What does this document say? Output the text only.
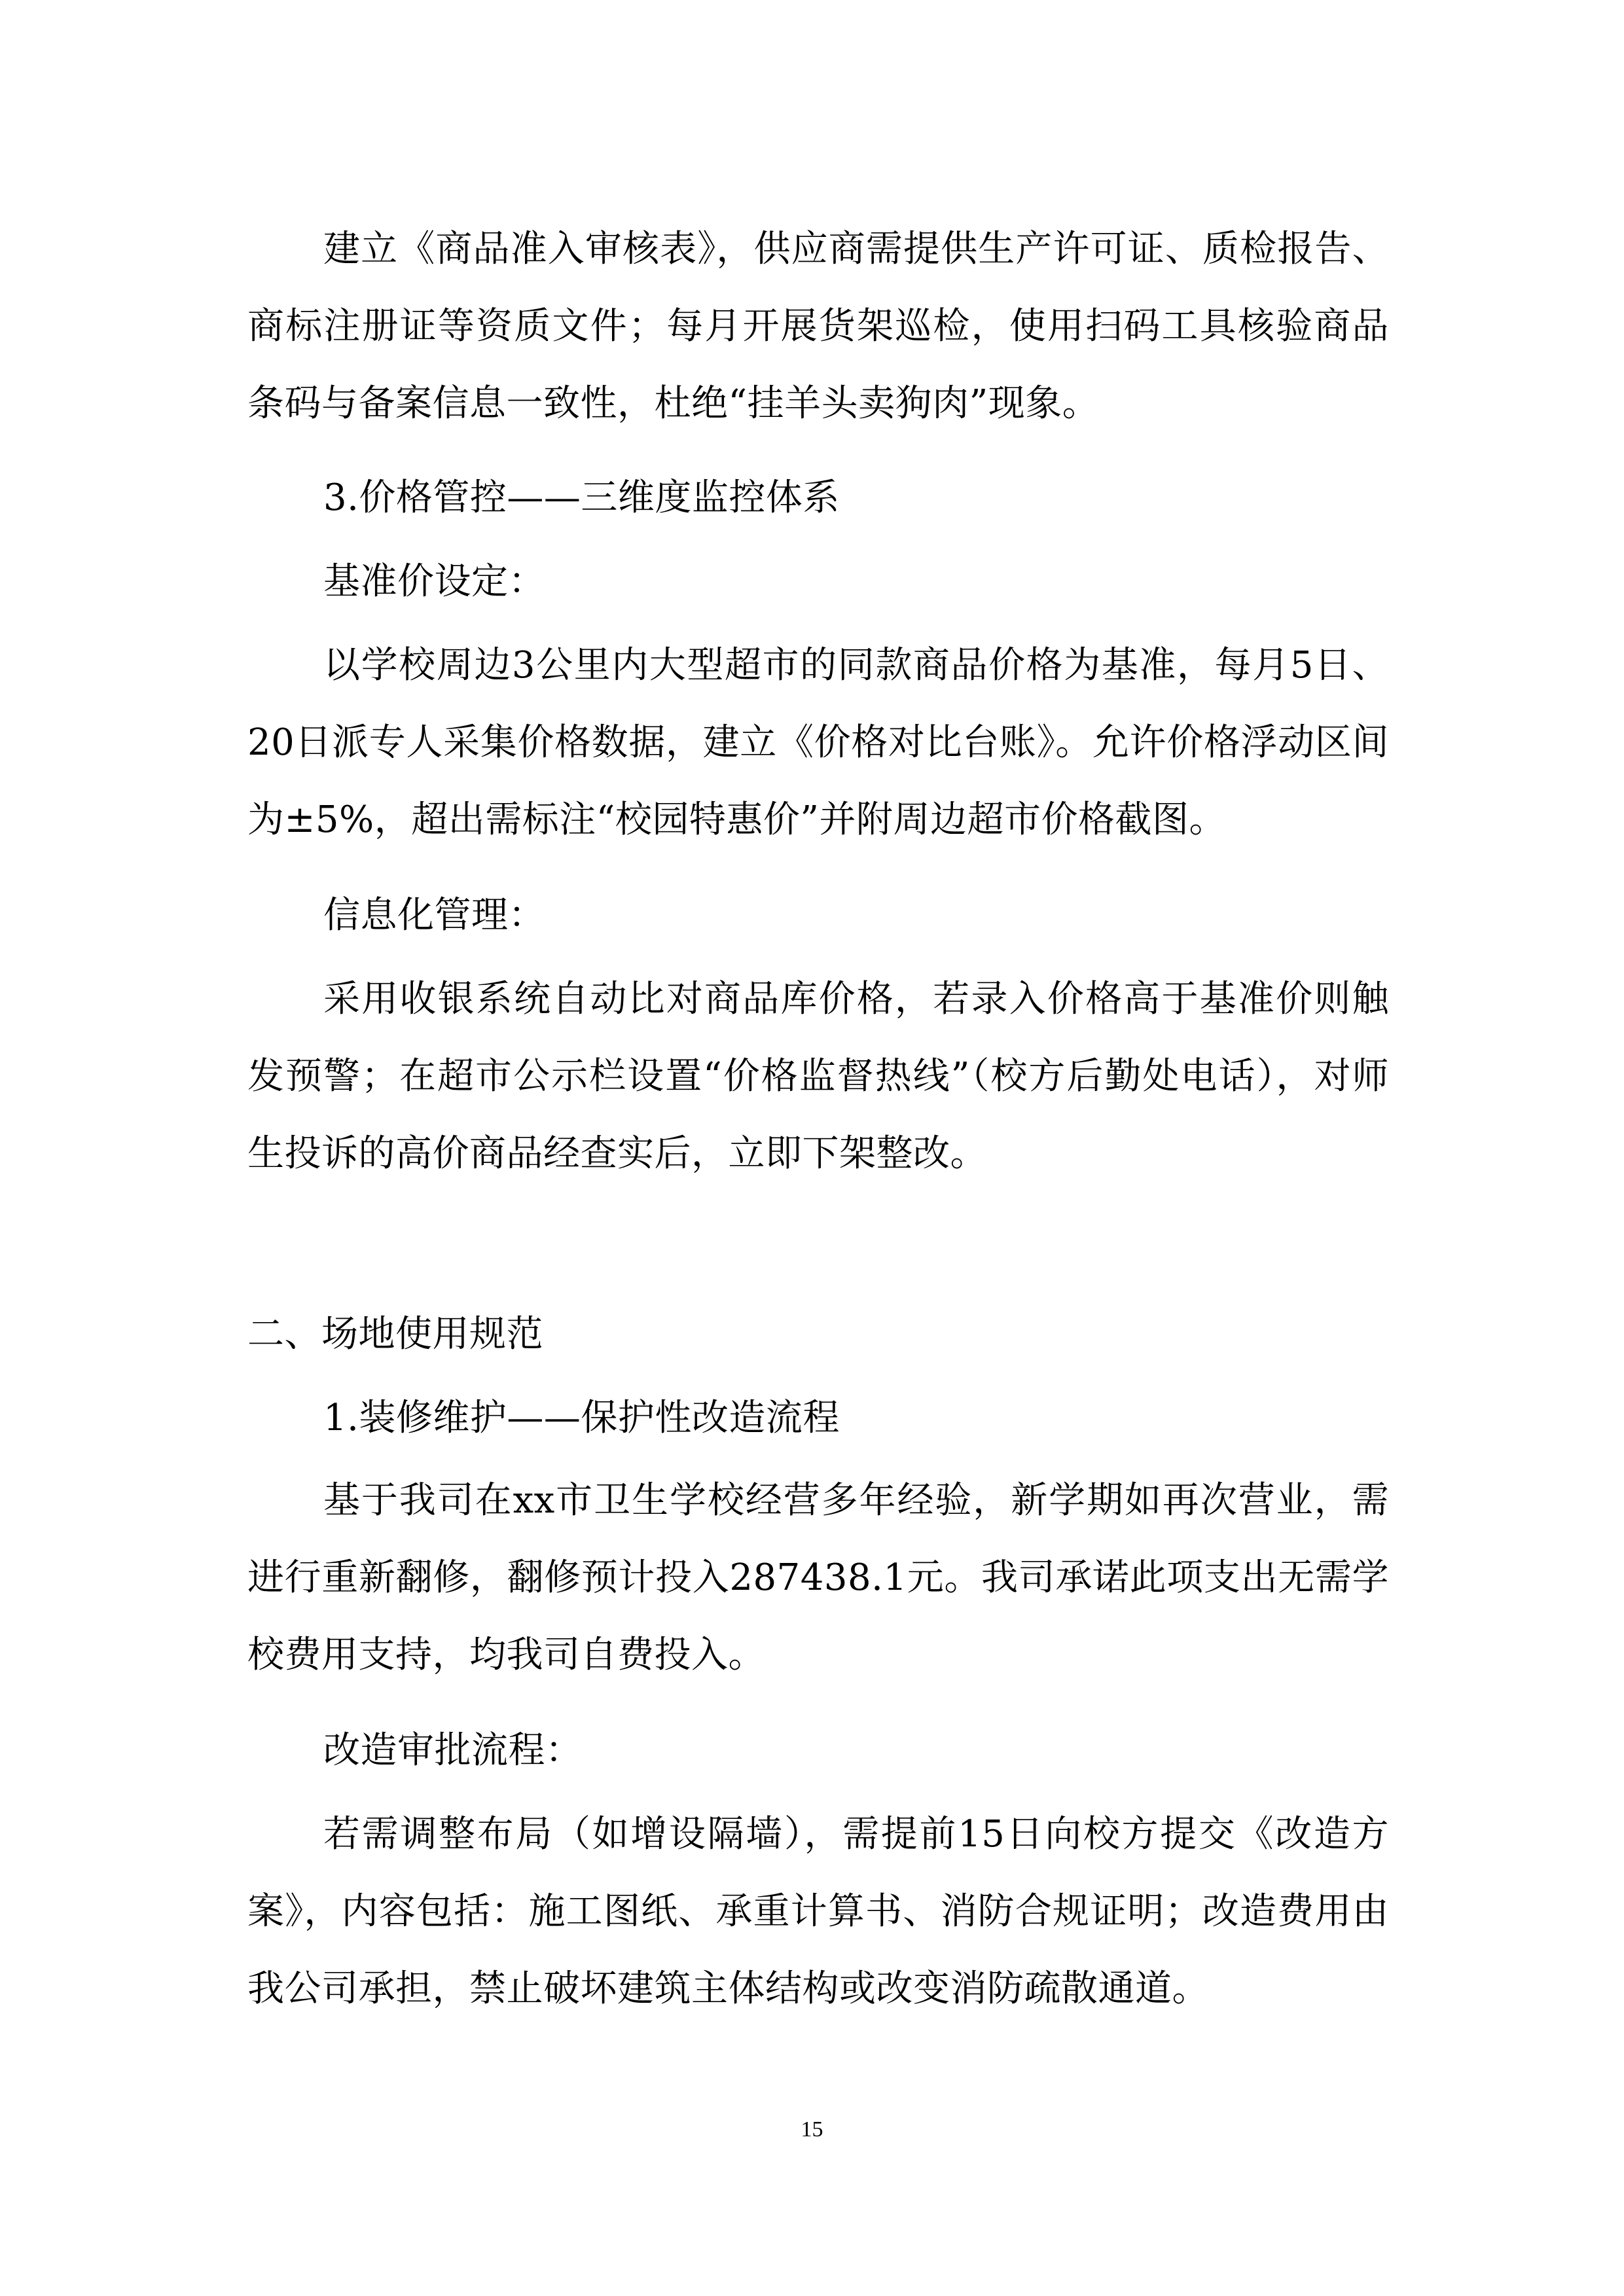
建立《商品准入审核表》，供应商需提供生产许可证、质检报告、商标注册证等资质文件；每月开展货架巡检，使用扫码工具核验商品条码与备案信息一致性，杜绝“挂羊头卖狗肉”现象。

3.价格管控——三维度监控体系

基准价设定：

以学校周边3公里内大型超市的同款商品价格为基准，每月5日、20日派专人采集价格数据，建立《价格对比台账》。允许价格浮动区间为±5%，超出需标注“校园特惠价”并附周边超市价格截图。

信息化管理：

采用收银系统自动比对商品库价格，若录入价格高于基准价则触发预警；在超市公示栏设置“价格监督热线”（校方后勤处电话），对师生投诉的高价商品经查实后，立即下架整改。

二、场地使用规范

1.装修维护——保护性改造流程

基于我司在xx市卫生学校经营多年经验，新学期如再次营业，需进行重新翻修，翻修预计投入287438.1元。我司承诺此项支出无需学校费用支持，均我司自费投入。

改造审批流程：

若需调整布局（如增设隔墙），需提前15日向校方提交《改造方案》，内容包括：施工图纸、承重计算书、消防合规证明；改造费用由我公司承担，禁止破坏建筑主体结构或改变消防疏散通道。

15
